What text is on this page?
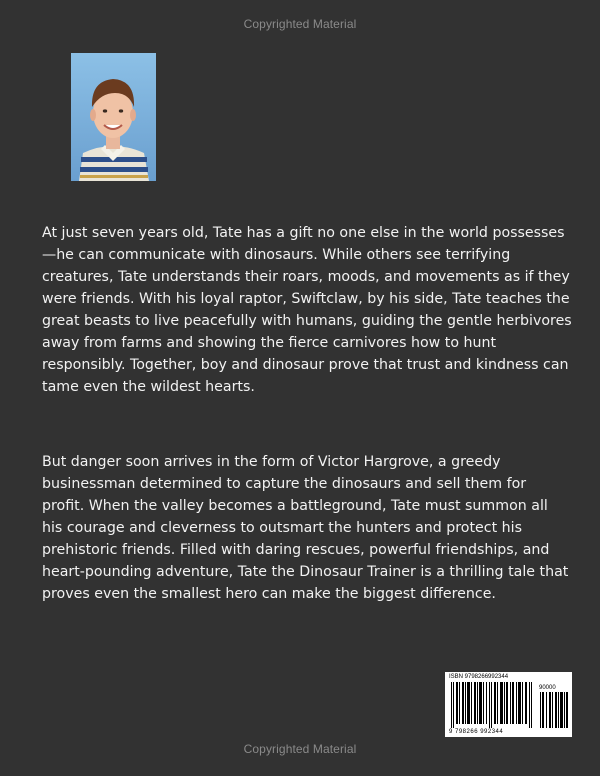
Copyrighted Material

At just seven years old, Tate has a gift no one else in the world possesses—he can communicate with dinosaurs. While others see terrifying creatures, Tate understands their roars, moods, and movements as if they were friends. With his loyal raptor, Swiftclaw, by his side, Tate teaches the great beasts to live peacefully with humans, guiding the gentle herbivores away from farms and showing the fierce carnivores how to hunt responsibly. Together, boy and dinosaur prove that trust and kindness can tame even the wildest hearts.

But danger soon arrives in the form of Victor Hargrove, a greedy businessman determined to capture the dinosaurs and sell them for profit. When the valley becomes a battleground, Tate must summon all his courage and cleverness to outsmart the hunters and protect his prehistoric friends. Filled with daring rescues, powerful friendships, and heart-pounding adventure, Tate the Dinosaur Trainer is a thrilling tale that proves even the smallest hero can make the biggest difference.

ISBN 9798266992344
90000
9 798266 992344
Copyrighted Material
